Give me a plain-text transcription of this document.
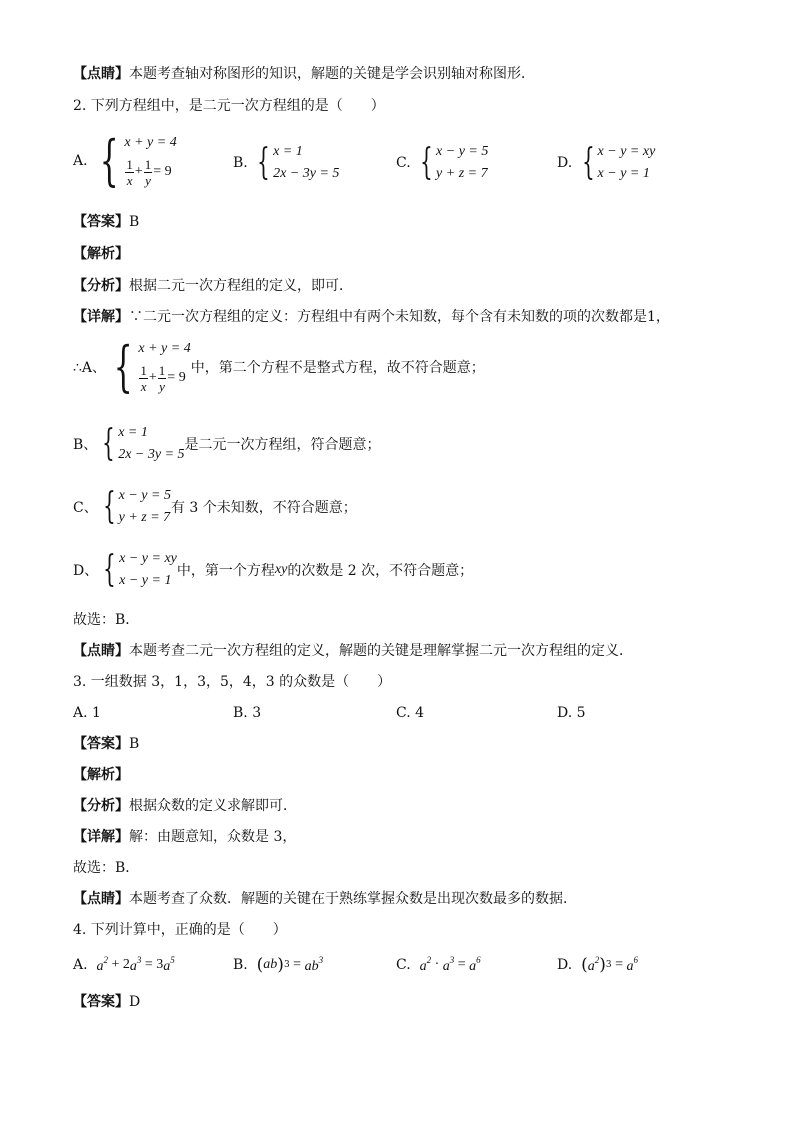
【点睛】本题考查轴对称图形的知识，解题的关键是学会识别轴对称图形．
2. 下列方程组中，是二元一次方程组的是（　　）
A.
{ x + y = 4
$\frac{1}{x} + \frac{1}{y} = 9$
B.
{ x = 1
2x − 3y = 5
C.
{ x − y = 5
y + z = 7
D.
{ x − y = xy
x − y = 1
【答案】B
【解析】
【分析】根据二元一次方程组的定义，即可．
【详解】∵二元一次方程组的定义：方程组中有两个未知数，每个含有未知数的项的次数都是1，
∴A、 { x + y = 4
$\frac{1}{x} + \frac{1}{y} = 9$
中，第二个方程不是整式方程，故不符合题意；
B、 { x = 1
2x − 3y = 5
是二元一次方程组，符合题意；
C、 { x − y = 5
y + z = 7
有 3 个未知数，不符合题意；
D、 { x − y = xy
x − y = 1
中，第一个方程 xy 的次数是 2 次，不符合题意；
故选：B．
【点睛】本题考查二元一次方程组的定义，解题的关键是理解掌握二元一次方程组的定义．
3. 一组数据 3，1，3，5，4，3 的众数是（　　）
A. 1	B. 3	C. 4	D. 5
【答案】B
【解析】
【分析】根据众数的定义求解即可．
【详解】解：由题意知，众数是 3，
故选：B．
【点睛】本题考查了众数．解题的关键在于熟练掌握众数是出现次数最多的数据．
4. 下列计算中，正确的是（　　）
A.
$a^2 + 2$ $a^3 = 3$ $a^5$	B.
( ab ) $3 = ab^3$	C.
$a^2 \cdot a^3 = a^6$	D.
( $a^2$ ) $3 = a^6$
【答案】D
